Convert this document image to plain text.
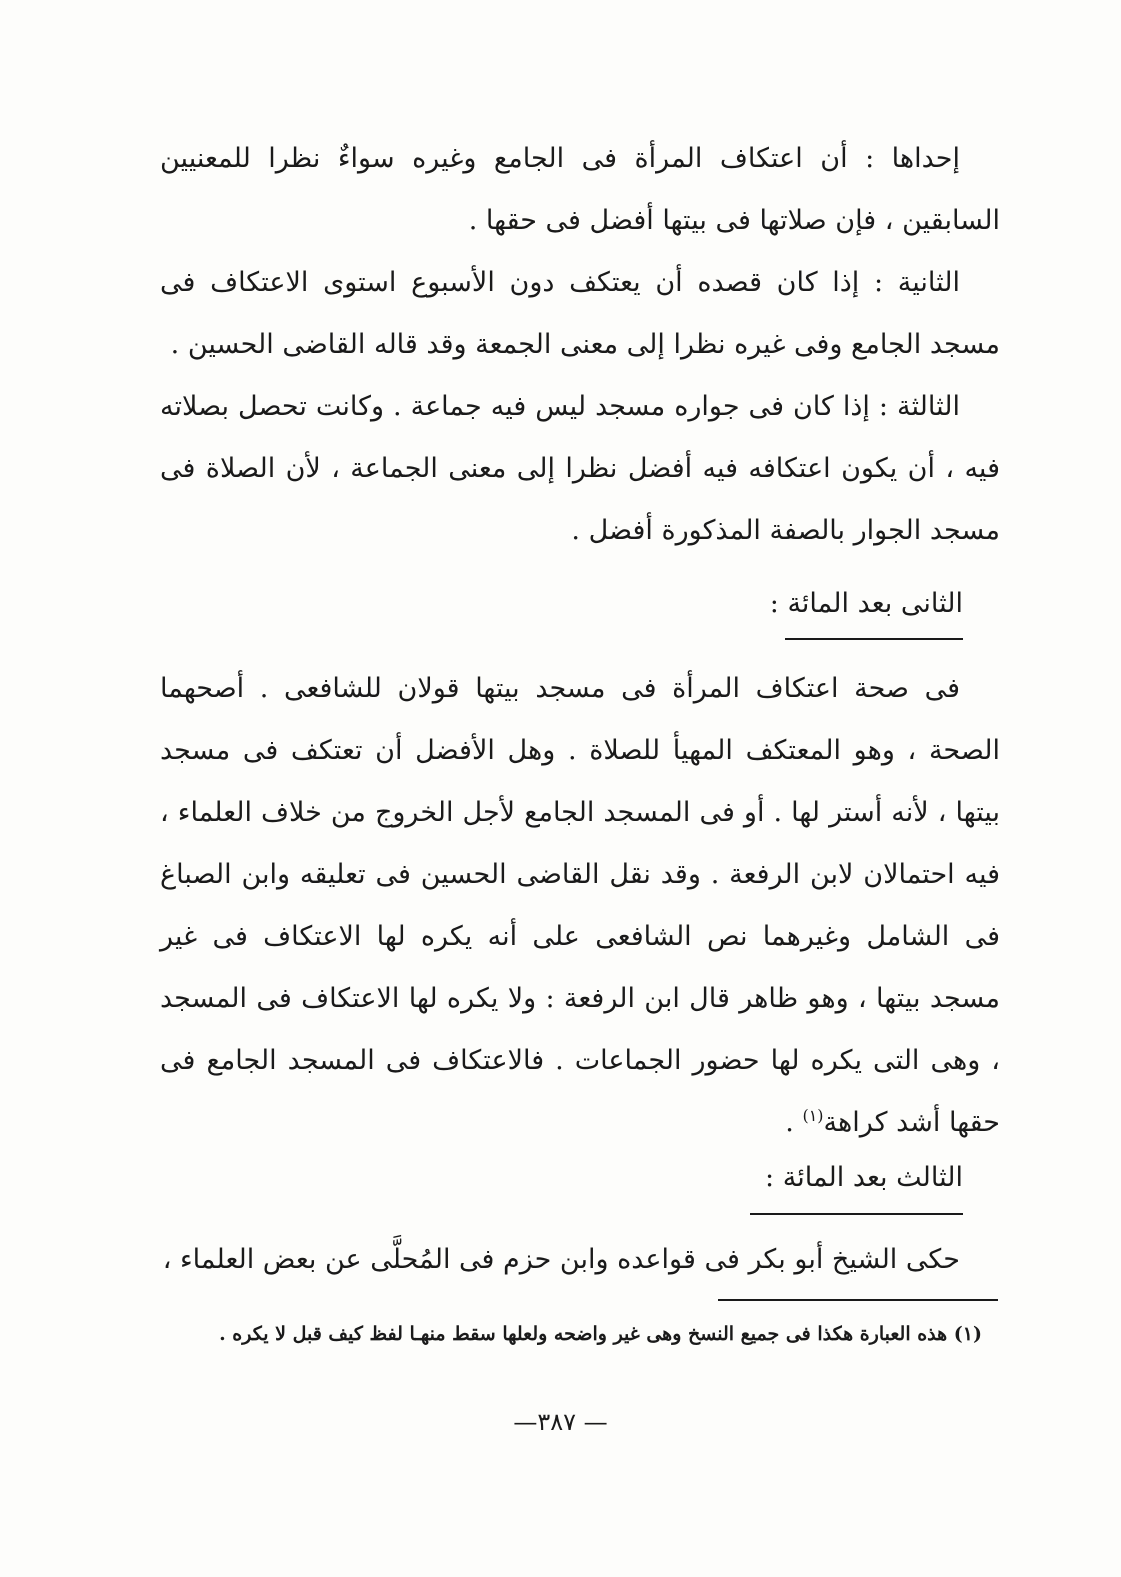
إحداها : أن اعتكاف المرأة فى الجامع وغيره سواءٌ نظرا للمعنيين السابقين ، فإن صلاتها فى بيتها أفضل فى حقها .

الثانية : إذا كان قصده أن يعتكف دون الأسبوع استوى الاعتكاف فى مسجد الجامع وفى غيره نظرا إلى معنى الجمعة وقد قاله القاضى الحسين .

الثالثة : إذا كان فى جواره مسجد ليس فيه جماعة . وكانت تحصل بصلاته فيه ، أن يكون اعتكافه فيه أفضل نظرا إلى معنى الجماعة ، لأن الصلاة فى مسجد الجوار بالصفة المذكورة أفضل .

الثانى بعد المائة :

فى صحة اعتكاف المرأة فى مسجد بيتها قولان للشافعى . أصحهما الصحة ، وهو المعتكف المهيأ للصلاة . وهل الأفضل أن تعتكف فى مسجد بيتها ، لأنه أستر لها . أو فى المسجد الجامع لأجل الخروج من خلاف العلماء ، فيه احتمالان لابن الرفعة . وقد نقل القاضى الحسين فى تعليقه وابن الصباغ فى الشامل وغيرهما نص الشافعى على أنه يكره لها الاعتكاف فى غير مسجد بيتها ، وهو ظاهر قال ابن الرفعة : ولا يكره لها الاعتكاف فى المسجد ، وهى التى يكره لها حضور الجماعات . فالاعتكاف فى المسجد الجامع فى حقها أشد كراهة$^{(١)}$ .

الثالث بعد المائة :

حكى الشيخ أبو بكر فى قواعده وابن حزم فى المُحلَّى عن بعض العلماء ،

(١) هذه العبارة هكذا فى جميع النسخ وهى غير واضحه ولعلها سقط منهـا لفظ كيف قبل لا يكره .

— ٣٨٧—
